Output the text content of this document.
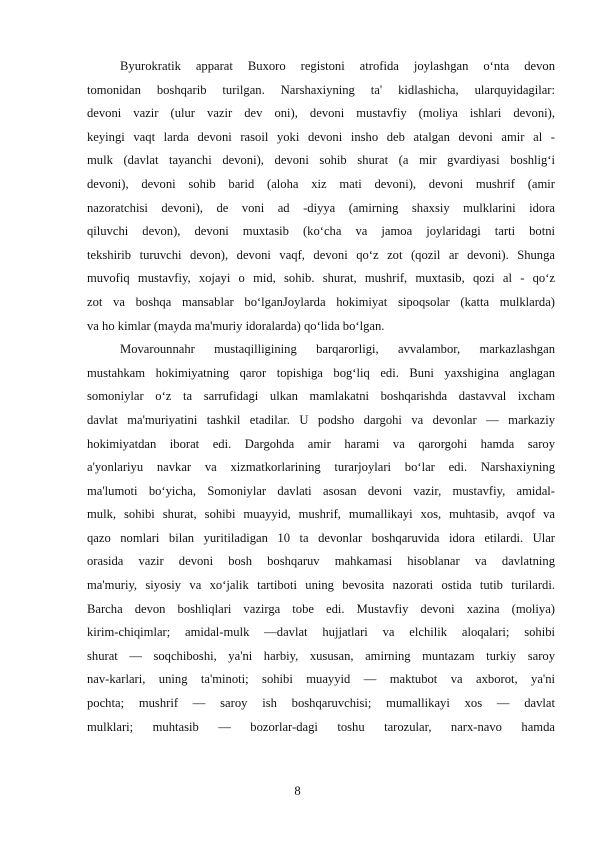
Byurokratik apparat Buxoro registoni atrofida joylashgan o‘nta devon
tomonidan boshqarib turilgan. Narshaxiyning ta' kidlashicha, ularquyidagilar:
devoni vazir (ulur vazir dev oni), devoni mustavfiy (moliya ishlari devoni),
keyingi vaqt larda devoni rasoil yoki devoni insho deb atalgan devoni amir al -
mulk (davlat tayanchi devoni), devoni sohib shurat (a mir gvardiyasi boshlig‘i
devoni), devoni sohib barid (aloha xiz mati devoni), devoni mushrif (amir
nazoratchisi devoni), de voni ad -diyya (amirning shaxsiy mulklarini idora
qiluvchi devon), devoni muxtasib (ko‘cha va jamoa joylaridagi tarti botni
tekshirib turuvchi devon), devoni vaqf, devoni qo‘z zot (qozil ar devoni). Shunga
muvofiq mustavfiy, xojayi o mid, sohib. shurat, mushrif, muxtasib, qozi al - qo‘z
zot va boshqa mansablar bo‘lganJoylarda hokimiyat sipoqsolar (katta mulklarda)
va ho kimlar (mayda ma'muriy idoralarda) qo‘lida bo‘lgan.
Movarounnahr mustaqilligining barqarorligi, avvalambor, markazlashgan
mustahkam hokimiyatning qaror topishiga bog‘liq edi. Buni yaxshigina anglagan
somoniylar o‘z ta sarrufidagi ulkan mamlakatni boshqarishda dastavval ixcham
davlat ma'muriyatini tashkil etadilar. U podsho dargohi va devonlar — markaziy
hokimiyatdan iborat edi. Dargohda amir harami va qarorgohi hamda saroy
a'yonlariyu navkar va xizmatkorlarining turarjoylari bo‘lar edi. Narshaxiyning
ma'lumoti bo‘yicha, Somoniylar davlati asosan devoni vazir, mustavfiy, amidal-
mulk, sohibi shurat, sohibi muayyid, mushrif, mumallikayi xos, muhtasib, avqof va
qazo nomlari bilan yuritiladigan 10 ta devonlar boshqaruvida idora etilardi. Ular
orasida vazir devoni bosh boshqaruv mahkamasi hisoblanar va davlatning
ma'muriy, siyosiy va xo‘jalik tartiboti uning bevosita nazorati ostida tutib turilardi.
Barcha devon boshliqlari vazirga tobe edi. Mustavfiy devoni xazina (moliya)
kirim-chiqimlar; amidal-mulk —davlat hujjatlari va elchilik aloqalari; sohibi
shurat — soqchiboshi, ya'ni harbiy, xususan, amirning muntazam turkiy saroy
nav-karlari, uning ta'minoti; sohibi muayyid — maktubot va axborot, ya'ni
pochta; mushrif — saroy ish boshqaruvchisi; mumallikayi xos — davlat
mulklari; muhtasib — bozorlar-dagi toshu tarozular, narx-navo hamda
8
